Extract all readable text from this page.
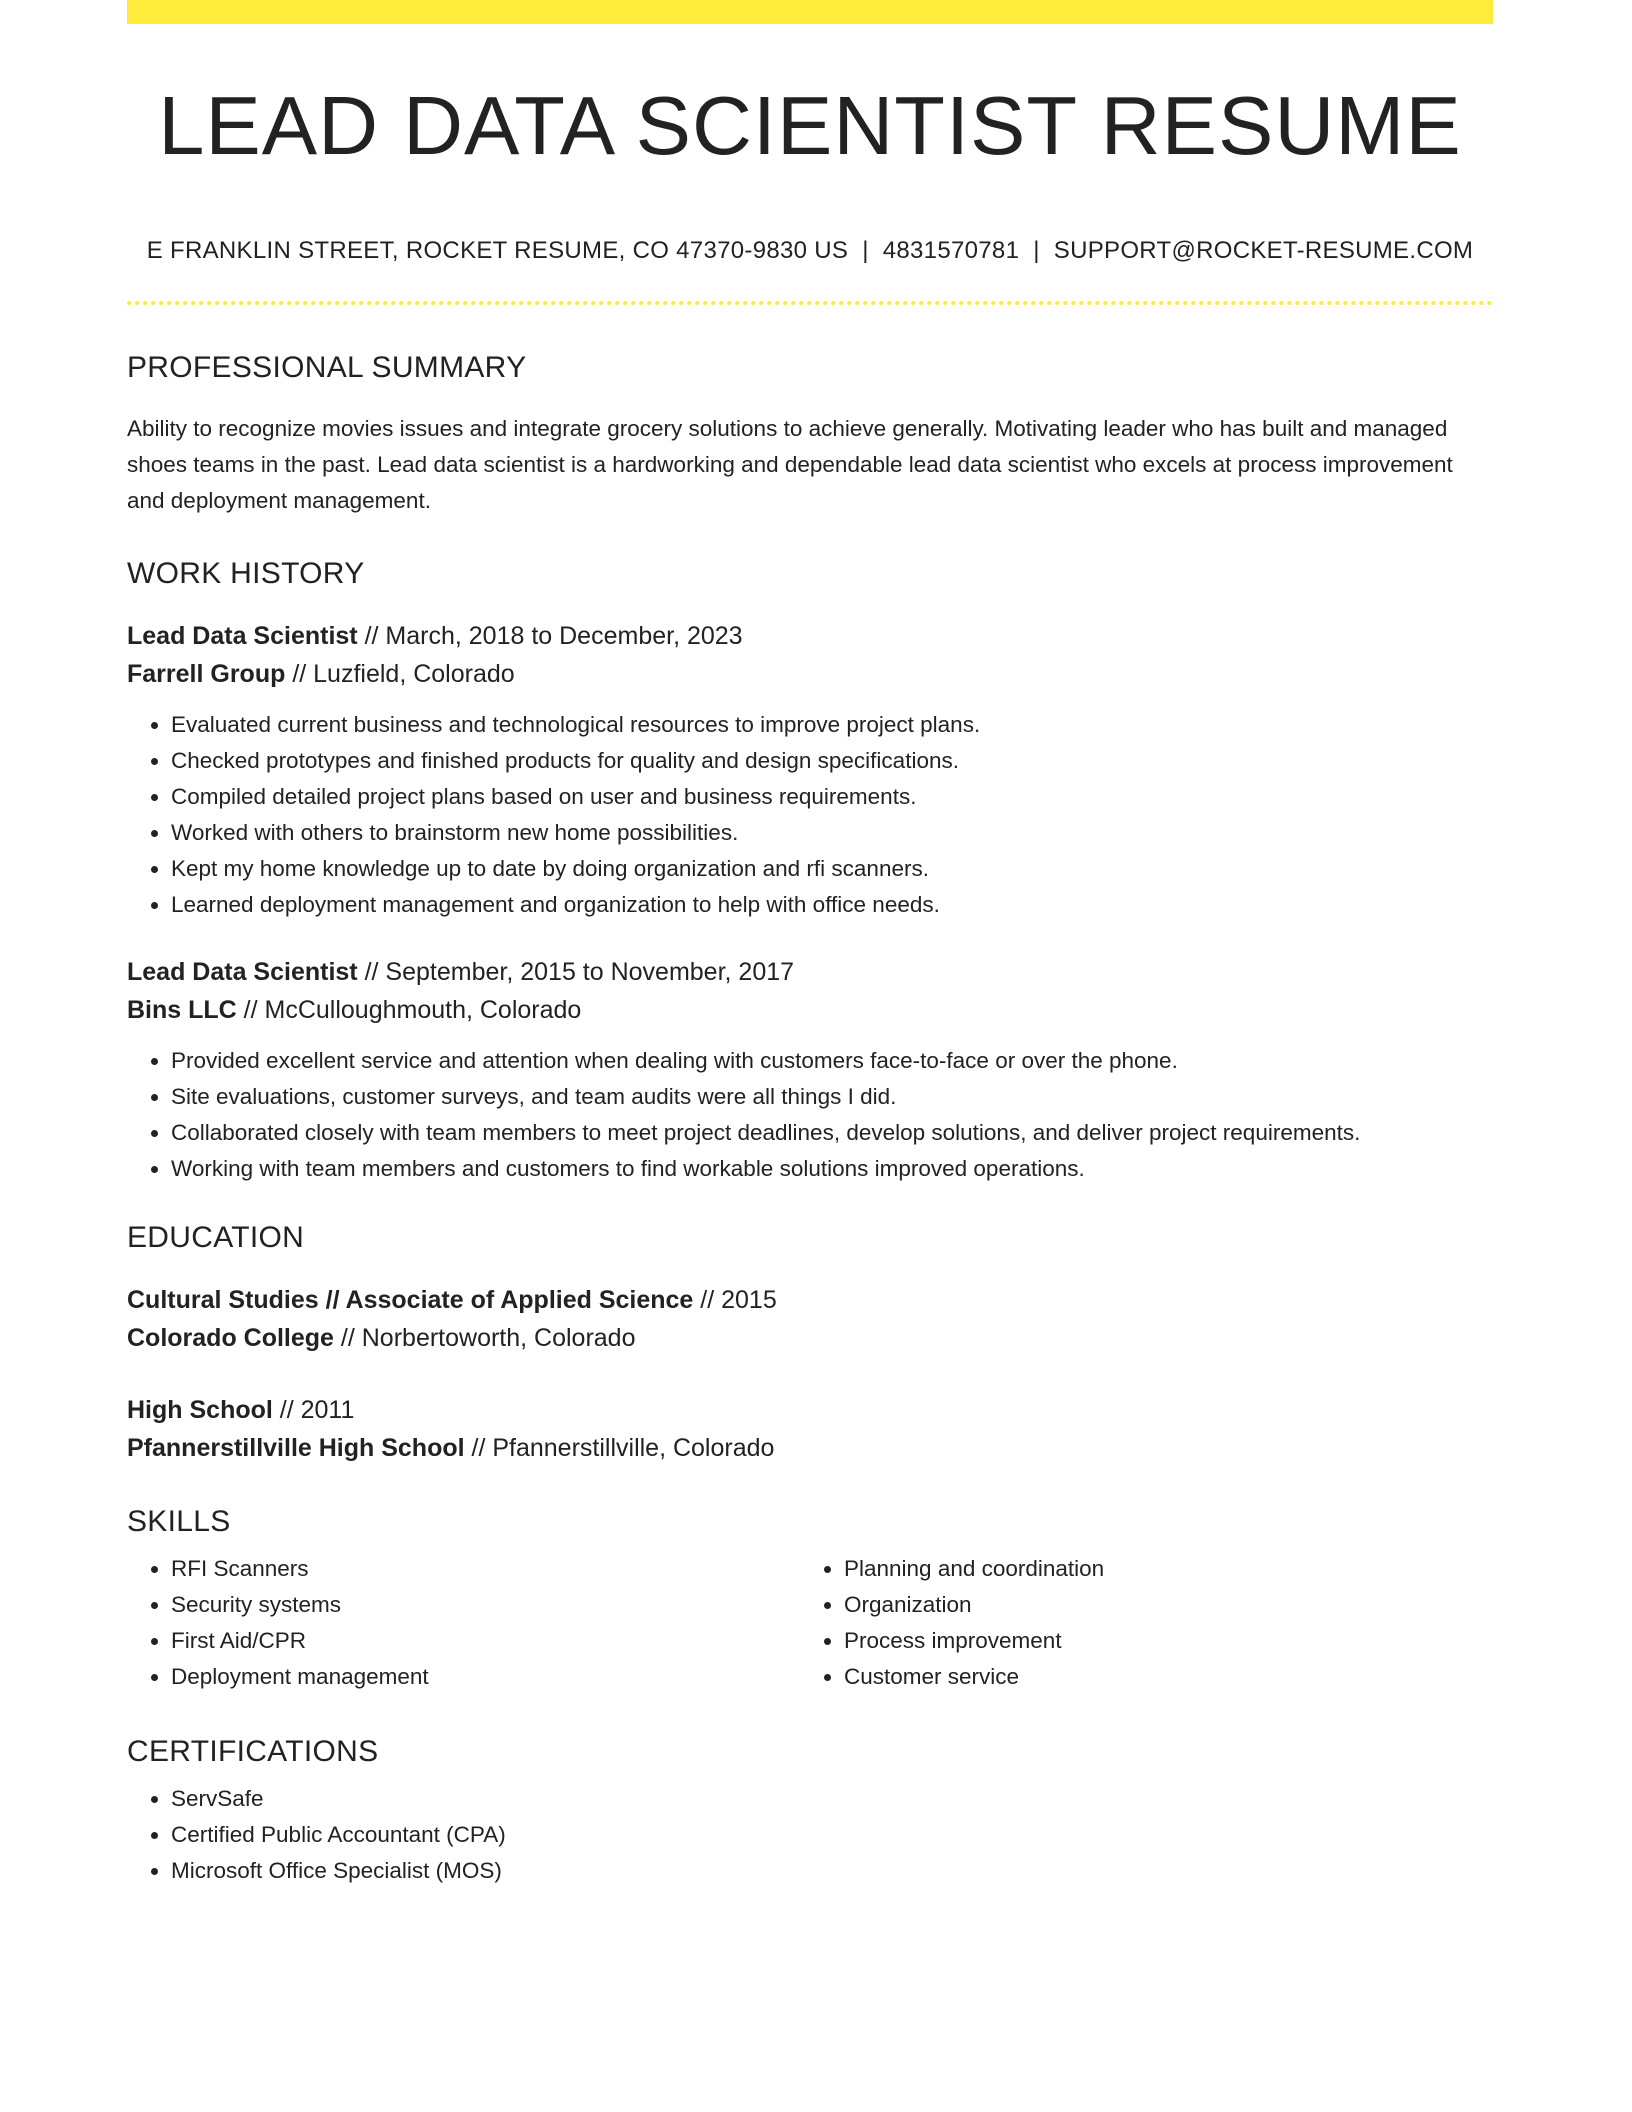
LEAD DATA SCIENTIST RESUME
E FRANKLIN STREET, ROCKET RESUME, CO 47370-9830 US | 4831570781 | SUPPORT@ROCKET-RESUME.COM
PROFESSIONAL SUMMARY

Ability to recognize movies issues and integrate grocery solutions to achieve generally. Motivating leader who has built and managed shoes teams in the past. Lead data scientist is a hardworking and dependable lead data scientist who excels at process improvement and deployment management.

WORK HISTORY

Lead Data Scientist // March, 2018 to December, 2023

Farrell Group // Luzfield, Colorado

• Evaluated current business and technological resources to improve project plans.
• Checked prototypes and finished products for quality and design specifications.
• Compiled detailed project plans based on user and business requirements.
• Worked with others to brainstorm new home possibilities.
• Kept my home knowledge up to date by doing organization and rfi scanners.
• Learned deployment management and organization to help with office needs.

Lead Data Scientist // September, 2015 to November, 2017

Bins LLC // McCulloughmouth, Colorado

• Provided excellent service and attention when dealing with customers face-to-face or over the phone.
• Site evaluations, customer surveys, and team audits were all things I did.
• Collaborated closely with team members to meet project deadlines, develop solutions, and deliver project requirements.
• Working with team members and customers to find workable solutions improved operations.
EDUCATION

Cultural Studies // Associate of Applied Science // 2015

Colorado College // Norbertoworth, Colorado

High School // 2011

Pfannerstillville High School // Pfannerstillville, Colorado

SKILLS
• RFI Scanners
• Security systems
• First Aid/CPR
• Deployment management
• Planning and coordination
• Organization
• Process improvement
• Customer service
CERTIFICATIONS
• ServSafe
• Certified Public Accountant (CPA)
• Microsoft Office Specialist (MOS)
